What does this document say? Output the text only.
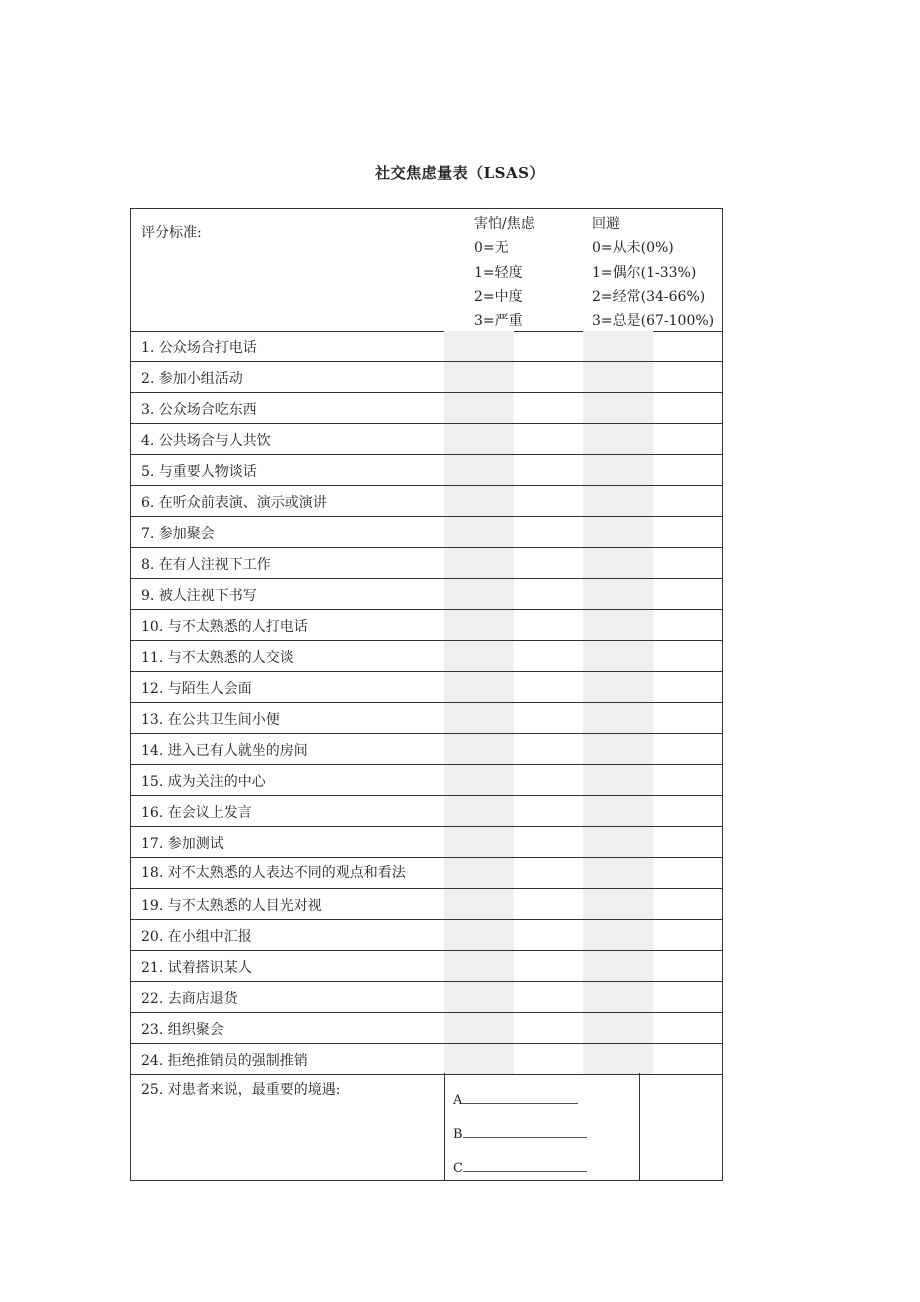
社交焦虑量表（LSAS）
评分标准:
害怕/焦虑
0=无
1=轻度
2=中度
3=严重
回避
0=从未(0%)
1=偶尔(1-33%)
2=经常(34-66%)
3=总是(67-100%)
1. 公众场合打电话
2. 参加小组活动
3. 公众场合吃东西
4. 公共场合与人共饮
5. 与重要人物谈话
6. 在听众前表演、演示或演讲
7. 参加聚会
8. 在有人注视下工作
9. 被人注视下书写
10. 与不太熟悉的人打电话
11. 与不太熟悉的人交谈
12. 与陌生人会面
13. 在公共卫生间小便
14. 进入已有人就坐的房间
15. 成为关注的中心
16. 在会议上发言
17. 参加测试
18. 对不太熟悉的人表达不同的观点和看法
19. 与不太熟悉的人目光对视
20. 在小组中汇报
21. 试着搭识某人
22. 去商店退货
23. 组织聚会
24. 拒绝推销员的强制推销
25. 对患者来说，最重要的境遇:
A
B
C
